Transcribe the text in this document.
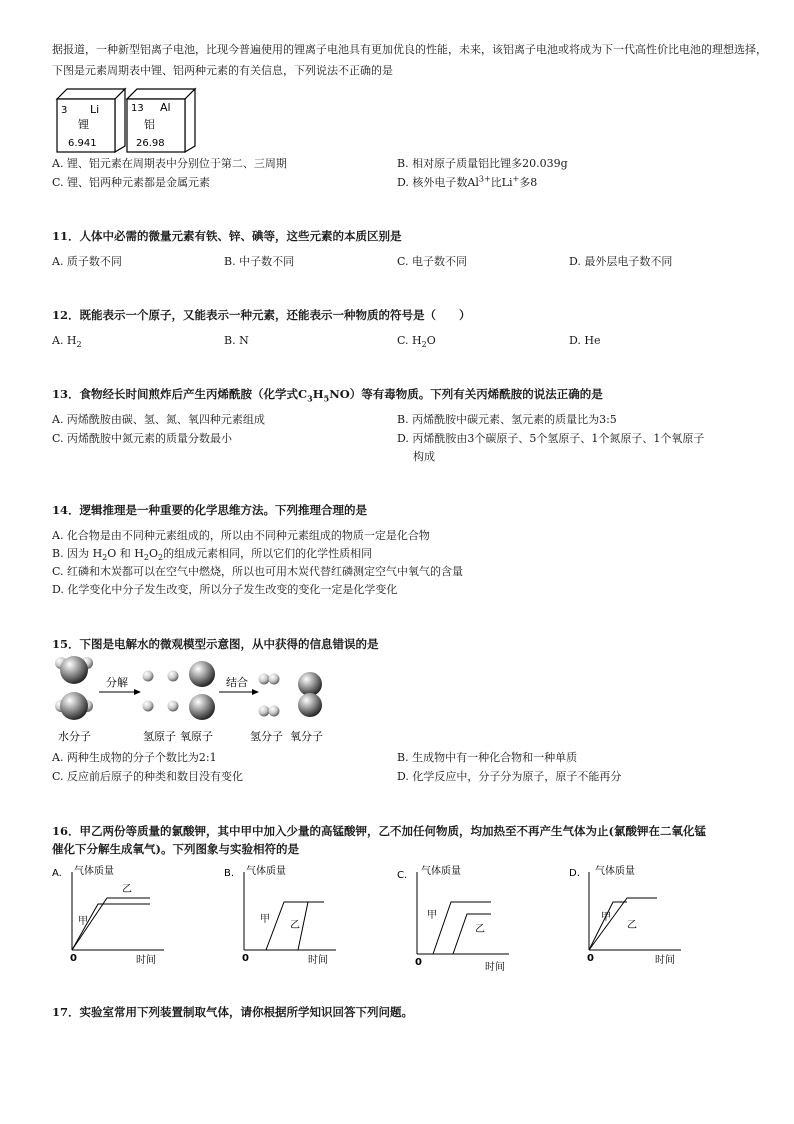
据报道，一种新型铝离子电池，比现今普遍使用的锂离子电池具有更加优良的性能，未来，该铝离子电池或将成为下一代高性价比电池的理想选择，
下图是元素周期表中锂、铝两种元素的有关信息，下列说法不正确的是
3 Li
锂
6.941
13 Al
铝
26.98
A. 锂、铝元素在周期表中分别位于第二、三周期	B. 相对原子质量铝比锂多20.039g
C. 锂、铝两种元素都是金属元素	D. 核外电子数$Al^{3+}$比Li+多8
11．人体中必需的微量元素有铁、锌、碘等，这些元素的本质区别是
A. 质子数不同	B. 中子数不同	C. 电子数不同	D. 最外层电子数不同
12．既能表示一个原子，又能表示一种元素，还能表示一种物质的符号是（　　）
A. $H_2$	B. N	C. $H_2O$	D. He
13．食物经长时间煎炸后产生丙烯酰胺（化学式$C_3H_5NO$）等有毒物质。下列有关丙烯酰胺的说法正确的是
A. 丙烯酰胺由碳、氢、氮、氧四种元素组成	B. 丙烯酰胺中碳元素、氢元素的质量比为3:5
C. 丙烯酰胺中氮元素的质量分数最小	D. 丙烯酰胺由3个碳原子、5个氢原子、1个氮原子、1个氧原子
构成
14．逻辑推理是一种重要的化学思维方法。下列推理合理的是
A. 化合物是由不同种元素组成的，所以由不同种元素组成的物质一定是化合物
B. 因为 $H_2O$ 和 $H_2O_2$的组成元素相同，所以它们的化学性质相同
C. 红磷和木炭都可以在空气中燃烧，所以也可用木炭代替红磷测定空气中氧气的含量
D. 化学变化中分子发生改变，所以分子发生改变的变化一定是化学变化
15．下图是电解水的微观模型示意图，从中获得的信息错误的是
水分子
分解
氢原子 氧原子
结合
氢分子 氧分子
A. 两种生成物的分子个数比为2:1	B. 生成物中有一种化合物和一种单质
C. 反应前后原子的种类和数目没有变化	D. 化学反应中，分子分为原子，原子不能再分
16．甲乙两份等质量的氯酸钾，其中甲中加入少量的高锰酸钾，乙不加任何物质，均加热至不再产生气体为止(氯酸钾在二氧化锰
催化下分解生成氧气)。下列图象与实验相符的是
A. 气体质量
乙
甲
0	时间
B. 气体质量
甲
乙
0	时间
C. 气体质量
甲
乙
0	时间
D. 气体质量
甲
乙
0	时间
17．实验室常用下列装置制取气体，请你根据所学知识回答下列问题。
